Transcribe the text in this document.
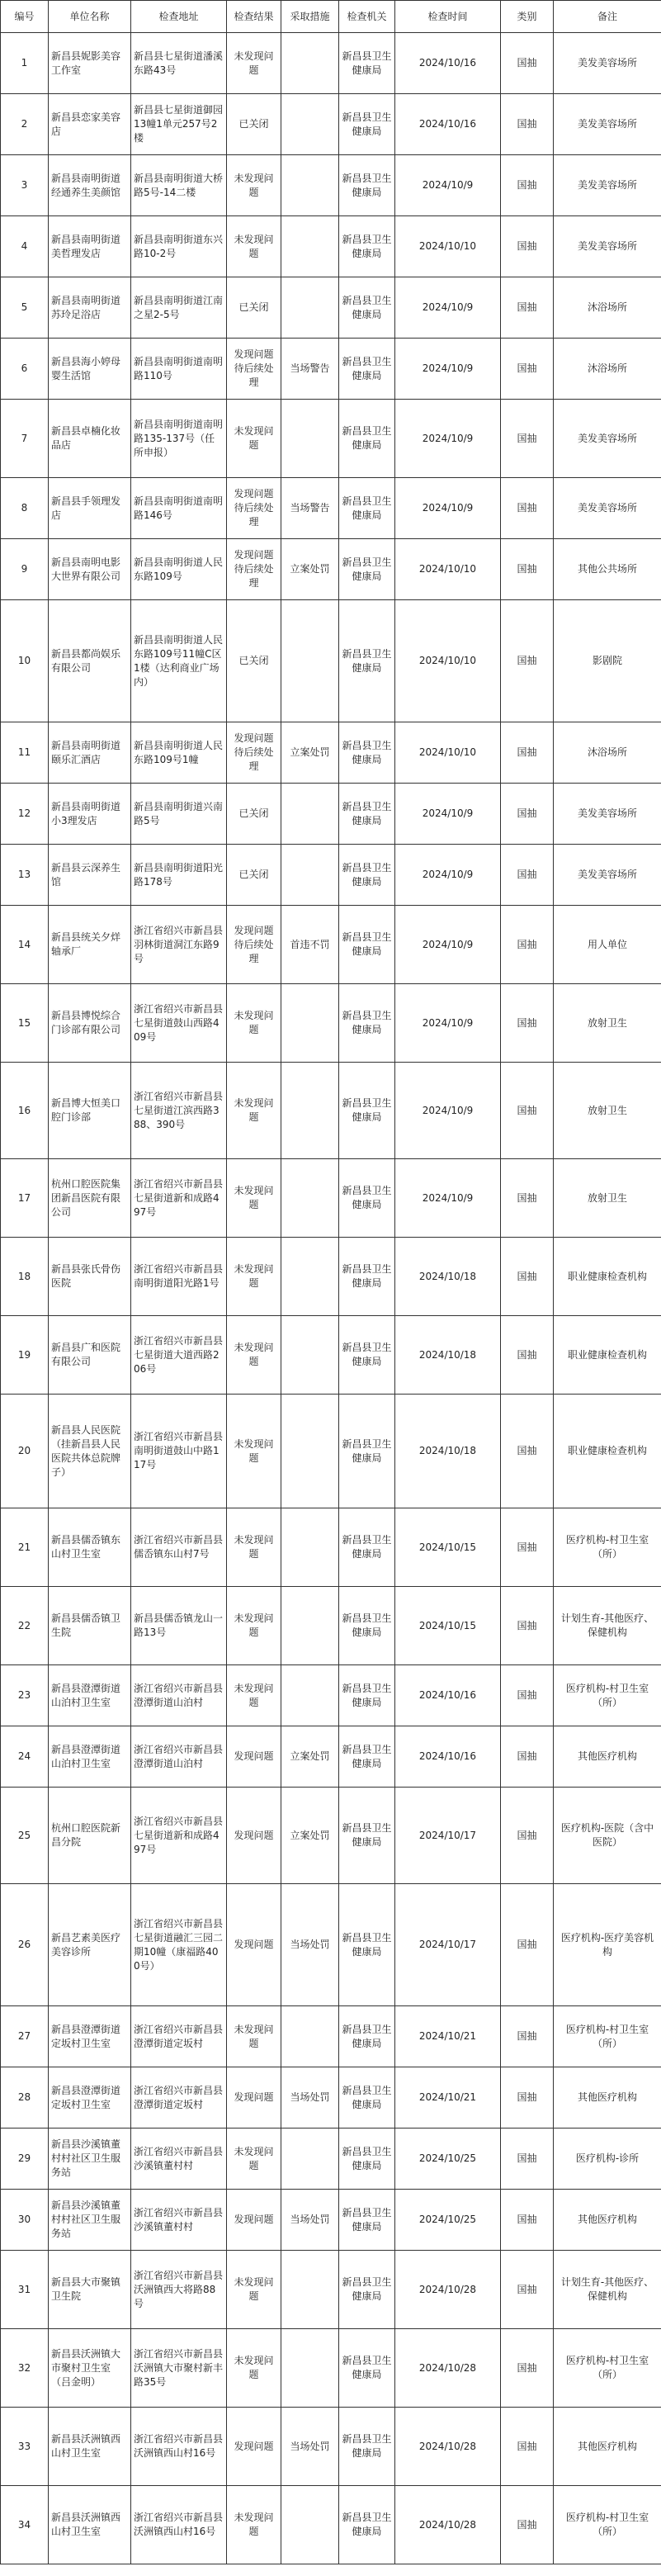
编号	单位名称	检查地址	检查结果	采取措施	检查机关	检查时间	类别	备注
1	新昌县妮影美容工作室	新昌县七星街道潘溪东路43号	未发现问题		新昌县卫生健康局	2024/10/16	国抽	美发美容场所
2	新昌县恋家美容店	新昌县七星街道御园13幢1单元257号2楼	已关闭		新昌县卫生健康局	2024/10/16	国抽	美发美容场所
3	新昌县南明街道经通养生美颜馆	新昌县南明街道大桥路5号-14二楼	未发现问题		新昌县卫生健康局	2024/10/9	国抽	美发美容场所
4	新昌县南明街道美哲理发店	新昌县南明街道东兴路10-2号	未发现问题		新昌县卫生健康局	2024/10/10	国抽	美发美容场所
5	新昌县南明街道苏玲足浴店	新昌县南明街道江南之星2-5号	已关闭		新昌县卫生健康局	2024/10/9	国抽	沐浴场所
6	新昌县海小婷母婴生活馆	新昌县南明街道南明路110号	发现问题待后续处理	当场警告	新昌县卫生健康局	2024/10/9	国抽	沐浴场所
7	新昌县卓楠化妆品店	新昌县南明街道南明路135-137号（任所申报）	未发现问题		新昌县卫生健康局	2024/10/9	国抽	美发美容场所
8	新昌县手领理发店	新昌县南明街道南明路146号	发现问题待后续处理	当场警告	新昌县卫生健康局	2024/10/9	国抽	美发美容场所
9	新昌县南明电影大世界有限公司	新昌县南明街道人民东路109号	发现问题待后续处理	立案处罚	新昌县卫生健康局	2024/10/10	国抽	其他公共场所
10	新昌县都尚娱乐有限公司	新昌县南明街道人民东路109号11幢C区1楼（达利商业广场内）	已关闭		新昌县卫生健康局	2024/10/10	国抽	影剧院
11	新昌县南明街道颐乐汇酒店	新昌县南明街道人民东路109号1幢	发现问题待后续处理	立案处罚	新昌县卫生健康局	2024/10/10	国抽	沐浴场所
12	新昌县南明街道小3理发店	新昌县南明街道兴南路5号	已关闭		新昌县卫生健康局	2024/10/9	国抽	美发美容场所
13	新昌县云深养生馆	新昌县南明街道阳光路178号	已关闭		新昌县卫生健康局	2024/10/9	国抽	美发美容场所
14	新昌县统关夕烊轴承厂	浙江省绍兴市新昌县羽林街道洞江东路9号	发现问题待后续处理	首违不罚	新昌县卫生健康局	2024/10/9	国抽	用人单位
15	新昌县博悦综合门诊部有限公司	浙江省绍兴市新昌县七星街道鼓山西路409号	未发现问题		新昌县卫生健康局	2024/10/9	国抽	放射卫生
16	新昌博大恒美口腔门诊部	浙江省绍兴市新昌县七星街道江滨西路388、390号	未发现问题		新昌县卫生健康局	2024/10/9	国抽	放射卫生
17	杭州口腔医院集团新昌医院有限公司	浙江省绍兴市新昌县七星街道新和成路497号	未发现问题		新昌县卫生健康局	2024/10/9	国抽	放射卫生
18	新昌县张氏骨伤医院	浙江省绍兴市新昌县南明街道阳光路1号	未发现问题		新昌县卫生健康局	2024/10/18	国抽	职业健康检查机构
19	新昌县广和医院有限公司	浙江省绍兴市新昌县七星街道大道西路206号	未发现问题		新昌县卫生健康局	2024/10/18	国抽	职业健康检查机构
20	新昌县人民医院（挂新昌县人民医院共体总院牌子）	浙江省绍兴市新昌县南明街道鼓山中路117号	未发现问题		新昌县卫生健康局	2024/10/18	国抽	职业健康检查机构
21	新昌县儒岙镇东山村卫生室	浙江省绍兴市新昌县儒岙镇东山村7号	未发现问题		新昌县卫生健康局	2024/10/15	国抽	医疗机构-村卫生室（所）
22	新昌县儒岙镇卫生院	新昌县儒岙镇龙山一路13号	未发现问题		新昌县卫生健康局	2024/10/15	国抽	计划生育-其他医疗、保健机构
23	新昌县澄潭街道山泊村卫生室	浙江省绍兴市新昌县澄潭街道山泊村	未发现问题		新昌县卫生健康局	2024/10/16	国抽	医疗机构-村卫生室（所）
24	新昌县澄潭街道山泊村卫生室	浙江省绍兴市新昌县澄潭街道山泊村	发现问题	立案处罚	新昌县卫生健康局	2024/10/16	国抽	其他医疗机构
25	杭州口腔医院新昌分院	浙江省绍兴市新昌县七星街道新和成路497号	发现问题	立案处罚	新昌县卫生健康局	2024/10/17	国抽	医疗机构-医院（含中医院）
26	新昌艺素美医疗美容诊所	浙江省绍兴市新昌县七星街道融汇三园二期10幢（康福路400号）	发现问题	当场处罚	新昌县卫生健康局	2024/10/17	国抽	医疗机构-医疗美容机构
27	新昌县澄潭街道定坂村卫生室	浙江省绍兴市新昌县澄潭街道定坂村	未发现问题		新昌县卫生健康局	2024/10/21	国抽	医疗机构-村卫生室（所）
28	新昌县澄潭街道定坂村卫生室	浙江省绍兴市新昌县澄潭街道定坂村	发现问题	当场处罚	新昌县卫生健康局	2024/10/21	国抽	其他医疗机构
29	新昌县沙溪镇董村村社区卫生服务站	浙江省绍兴市新昌县沙溪镇董村村	未发现问题		新昌县卫生健康局	2024/10/25	国抽	医疗机构-诊所
30	新昌县沙溪镇董村村社区卫生服务站	浙江省绍兴市新昌县沙溪镇董村村	发现问题	当场处罚	新昌县卫生健康局	2024/10/25	国抽	其他医疗机构
31	新昌县大市聚镇卫生院	浙江省绍兴市新昌县沃洲镇西大将路88号	未发现问题		新昌县卫生健康局	2024/10/28	国抽	计划生育-其他医疗、保健机构
32	新昌县沃洲镇大市聚村卫生室（吕金明）	浙江省绍兴市新昌县沃洲镇大市聚村新丰路35号	未发现问题		新昌县卫生健康局	2024/10/28	国抽	医疗机构-村卫生室（所）
33	新昌县沃洲镇西山村卫生室	浙江省绍兴市新昌县沃洲镇西山村16号	发现问题	当场处罚	新昌县卫生健康局	2024/10/28	国抽	其他医疗机构
34	新昌县沃洲镇西山村卫生室	浙江省绍兴市新昌县沃洲镇西山村16号	未发现问题		新昌县卫生健康局	2024/10/28	国抽	医疗机构-村卫生室（所）
